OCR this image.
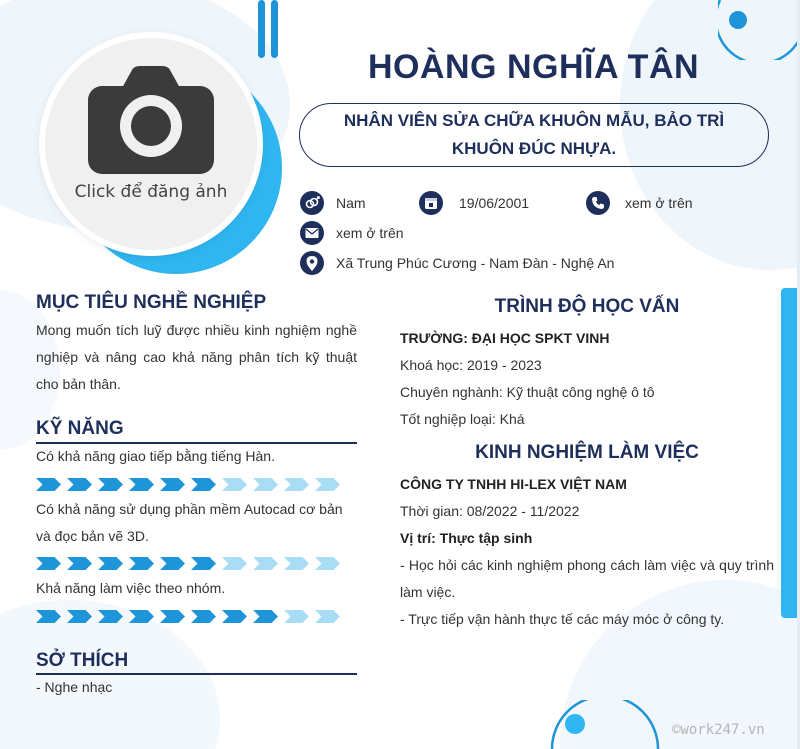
Click để đăng ảnh
HOÀNG NGHĨA TÂN
NHÂN VIÊN SỬA CHỮA KHUÔN MẪU, BẢO TRÌ KHUÔN ĐÚC NHỰA.
Nam	19/06/2001	xem ở trên
xem ở trên
Xã Trung Phúc Cương - Nam Đàn - Nghệ An
MỤC TIÊU NGHỀ NGHIỆP
Mong muốn tích luỹ được nhiều kinh nghiệm nghề nghiệp và nâng cao khả năng phân tích kỹ thuật cho bản thân.
KỸ NĂNG
Có khả năng giao tiếp bằng tiếng Hàn.
Có khả năng sử dụng phần mềm Autocad cơ bản và đọc bản vẽ 3D.
Khả năng làm việc theo nhóm.
SỞ THÍCH
- Nghe nhạc
TRÌNH ĐỘ HỌC VẤN
TRƯỜNG: ĐẠI HỌC SPKT VINH
Khoá học: 2019 - 2023
Chuyên nghành: Kỹ thuật công nghệ ô tô
Tốt nghiệp loại: Khá
KINH NGHIỆM LÀM VIỆC
CÔNG TY TNHH HI-LEX VIỆT NAM
Thời gian: 08/2022 - 11/2022
Vị trí: Thực tập sinh
- Học hỏi các kinh nghiệm phong cách làm việc và quy trình làm việc.
- Trực tiếp vận hành thực tế các máy móc ở công ty.
©work247.vn
